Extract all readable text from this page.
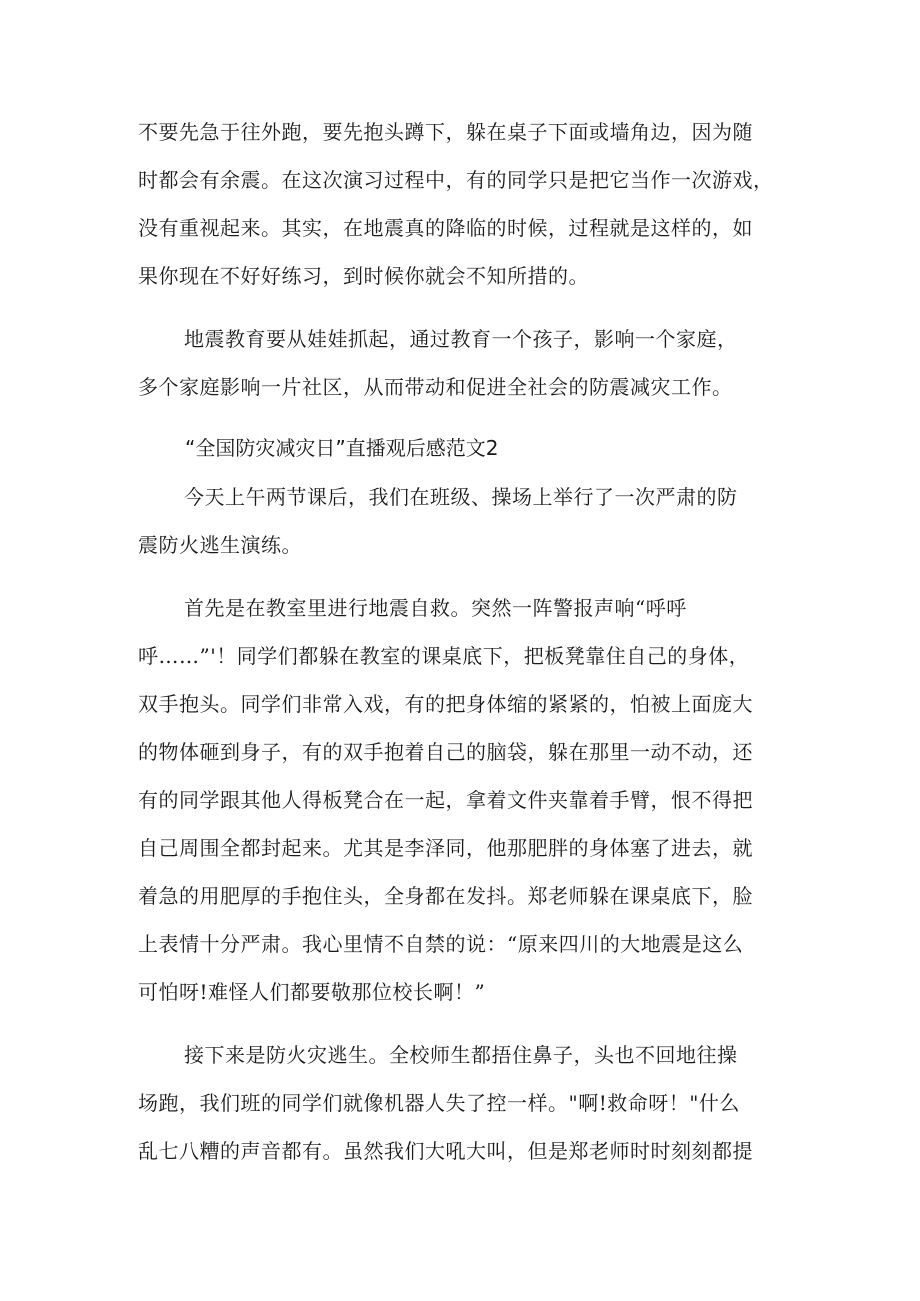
不要先急于往外跑，要先抱头蹲下，躲在桌子下面或墙角边，因为随
时都会有余震。在这次演习过程中，有的同学只是把它当作一次游戏，
没有重视起来。其实，在地震真的降临的时候，过程就是这样的，如
果你现在不好好练习，到时候你就会不知所措的。
地震教育要从娃娃抓起，通过教育一个孩子，影响一个家庭，
多个家庭影响一片社区，从而带动和促进全社会的防震减灾工作。
“全国防灾减灾日”直播观后感范文2
今天上午两节课后，我们在班级、操场上举行了一次严肃的防
震防火逃生演练。
首先是在教室里进行地震自救。突然一阵警报声响“呼呼
呼……”'！同学们都躲在教室的课桌底下，把板凳靠住自己的身体，
双手抱头。同学们非常入戏，有的把身体缩的紧紧的，怕被上面庞大
的物体砸到身子，有的双手抱着自己的脑袋，躲在那里一动不动，还
有的同学跟其他人得板凳合在一起，拿着文件夹靠着手臂，恨不得把
自己周围全都封起来。尤其是李泽同，他那肥胖的身体塞了进去，就
着急的用肥厚的手抱住头，全身都在发抖。郑老师躲在课桌底下，脸
上表情十分严肃。我心里情不自禁的说：“原来四川的大地震是这么
可怕呀!难怪人们都要敬那位校长啊！”
接下来是防火灾逃生。全校师生都捂住鼻子，头也不回地往操
场跑，我们班的同学们就像机器人失了控一样。"啊!救命呀！"什么
乱七八糟的声音都有。虽然我们大吼大叫，但是郑老师时时刻刻都提
